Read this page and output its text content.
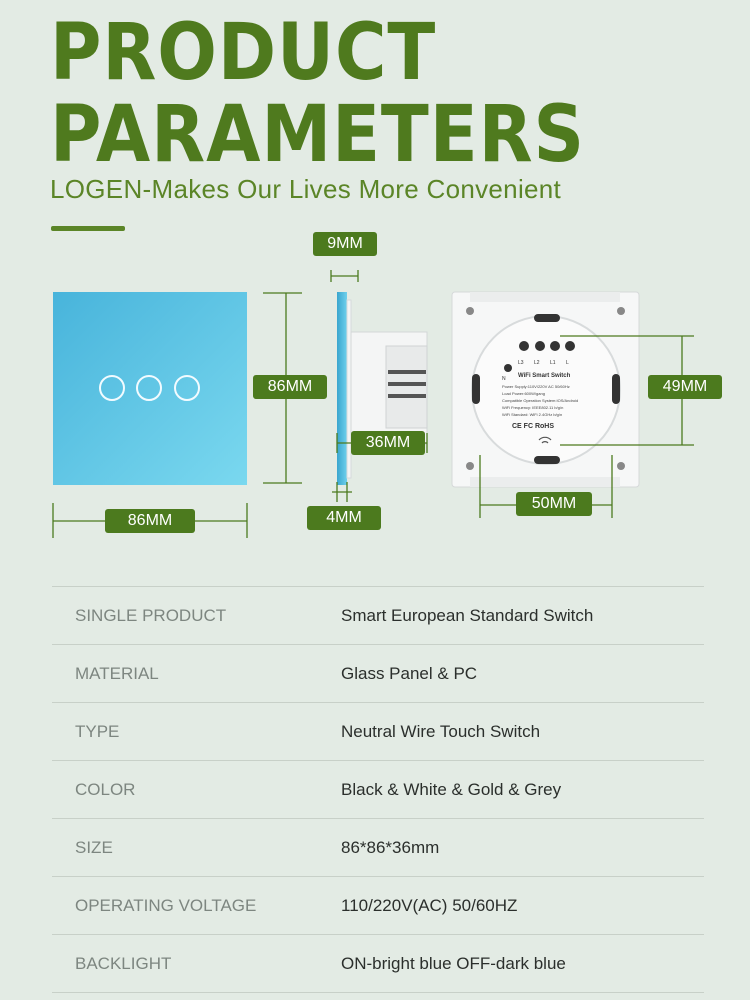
PRODUCT
PARAMETERS
LOGEN-Makes Our Lives More Convenient
L3 L2 L1 L
N WiFi Smart Switch
Power Supply:110V/220V AC 50/60Hz
Load Power:600W/gang
Compatible Operation System:IOS/Android
WiFi Frequency: IEEE802.11 b/g/n
WiFi Standard: WiFi 2.4GHz b/g/n
CE FC RoHS
9MM
86MM
36MM
49MM
86MM	4MM
50MM
SINGLE PRODUCT	Smart European Standard Switch
MATERIAL	Glass Panel & PC
TYPE	Neutral Wire Touch Switch
COLOR	Black & White & Gold & Grey
SIZE	86*86*36mm
OPERATING VOLTAGE	110/220V(AC) 50/60HZ
BACKLIGHT	ON-bright blue OFF-dark blue
